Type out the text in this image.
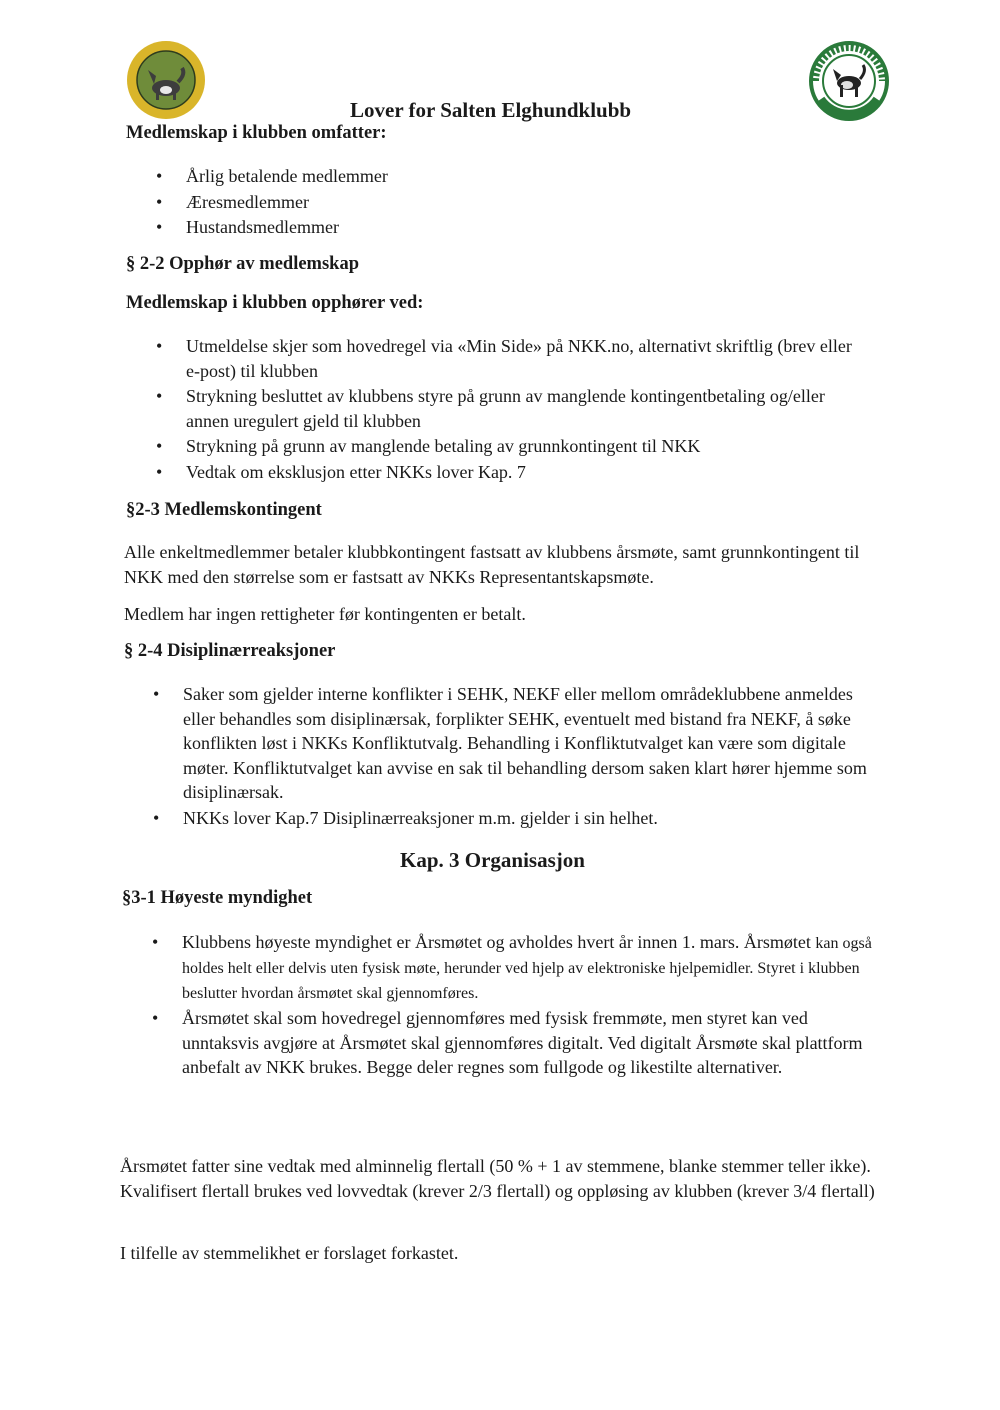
Lover for Salten Elghundklubb
Medlemskap i klubben omfatter:
• Årlig betalende medlemmer
• Æresmedlemmer
• Hustandsmedlemmer
§ 2-2 Opphør av medlemskap
Medlemskap i klubben opphører ved:
• Utmeldelse skjer som hovedregel via «Min Side» på NKK.no, alternativt skriftlig (brev eller e-post) til klubben
• Strykning besluttet av klubbens styre på grunn av manglende kontingentbetaling og/eller annen uregulert gjeld til klubben
• Strykning på grunn av manglende betaling av grunnkontingent til NKK
• Vedtak om eksklusjon etter NKKs lover Kap. 7
§2-3 Medlemskontingent
Alle enkeltmedlemmer betaler klubbkontingent fastsatt av klubbens årsmøte, samt grunnkontingent til NKK med den størrelse som er fastsatt av NKKs Representantskapsmøte.
Medlem har ingen rettigheter før kontingenten er betalt.
§ 2-4 Disiplinærreaksjoner
• Saker som gjelder interne konflikter i SEHK, NEKF eller mellom områdeklubbene anmeldes eller behandles som disiplinærsak, forplikter SEHK, eventuelt med bistand fra NEKF, å søke konflikten løst i NKKs Konfliktutvalg. Behandling i Konfliktutvalget kan være som digitale møter. Konfliktutvalget kan avvise en sak til behandling dersom saken klart hører hjemme som disiplinærsak.
• NKKs lover Kap.7 Disiplinærreaksjoner m.m. gjelder i sin helhet.
Kap. 3 Organisasjon
§3-1 Høyeste myndighet
• Klubbens høyeste myndighet er Årsmøtet og avholdes hvert år innen 1. mars. Årsmøtet kan også holdes helt eller delvis uten fysisk møte, herunder ved hjelp av elektroniske hjelpemidler. Styret i klubben beslutter hvordan årsmøtet skal gjennomføres.
• Årsmøtet skal som hovedregel gjennomføres med fysisk fremmøte, men styret kan ved unntaksvis avgjøre at Årsmøtet skal gjennomføres digitalt. Ved digitalt Årsmøte skal plattform anbefalt av NKK brukes. Begge deler regnes som fullgode og likestilte alternativer.
Årsmøtet fatter sine vedtak med alminnelig flertall (50 % + 1 av stemmene, blanke stemmer teller ikke). Kvalifisert flertall brukes ved lovvedtak (krever 2/3 flertall) og oppløsing av klubben (krever 3/4 flertall)
I tilfelle av stemmelikhet er forslaget forkastet.
